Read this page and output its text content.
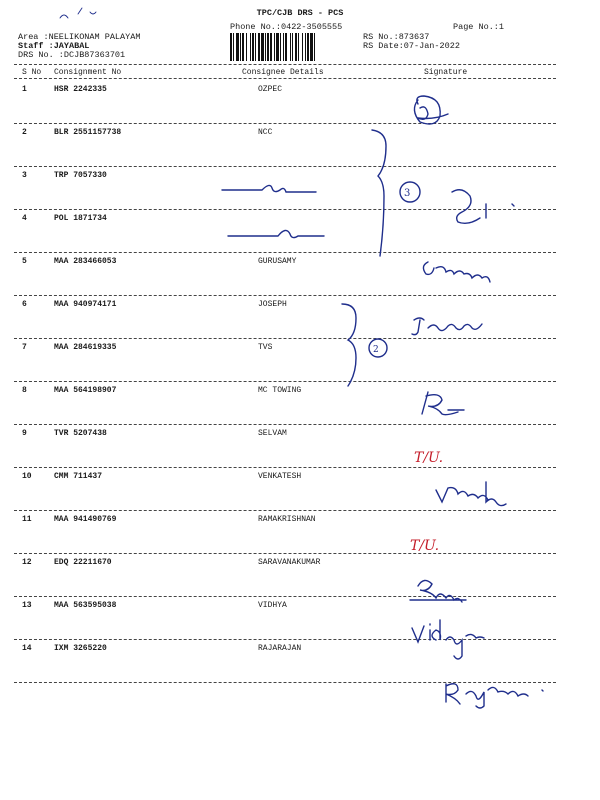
TPC/CJB DRS - PCS
Phone No.:0422-3505555	Page No.:1
Area :NEELIKONAM PALAYAM
Staff :JAYABAL
DRS No. :DCJB87363701
RS No.:873637
RS Date:07-Jan-2022
S No Consignment No	Consignee Details	Signature
1	HSR 2242335	OZPEC
2	BLR 2551157738	NCC
3	TRP 7057330
4	POL 1871734
5	MAA 283466053	GURUSAMY
6	MAA 940974171	JOSEPH
7	MAA 284619335	TVS
8	MAA 564198907	MC TOWING
9	TVR 5207438	SELVAM
10	CMM 711437	VENKATESH
11	MAA 941490769	RAMAKRISHNAN
12	EDQ 22211670	SARAVANAKUMAR
13	MAA 563595038	VIDHYA
14	IXM 3265220	RAJARAJAN
3
2
T/U.
T/U.
